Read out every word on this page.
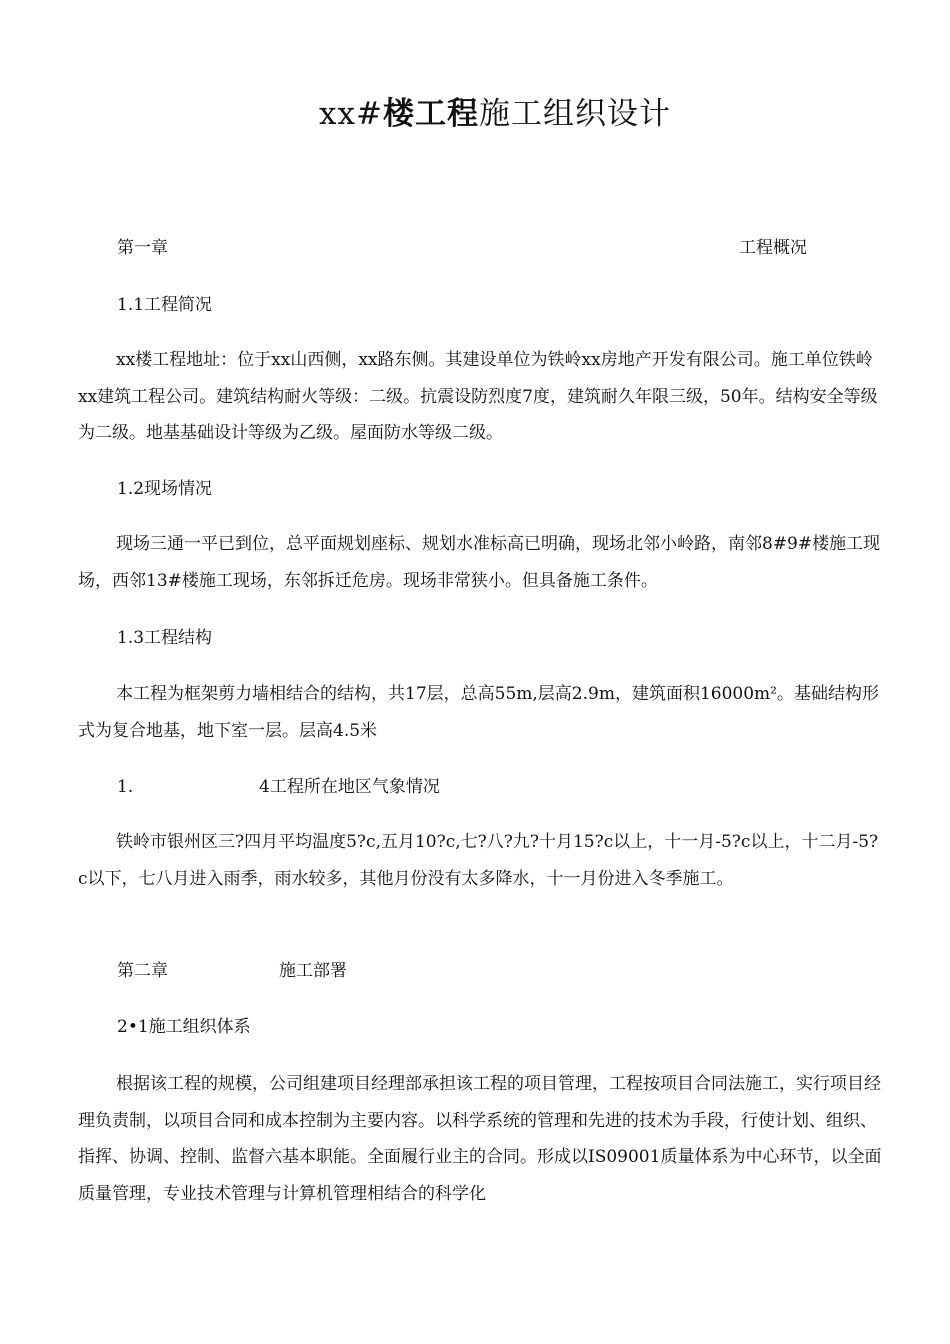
xx#楼工程施工组织设计
第一章	工程概况
1.1工程简况
xx楼工程地址：位于xx山西侧，xx路东侧。其建设单位为铁岭xx房地产开发有限公司。施工单位铁岭xx建筑工程公司。建筑结构耐火等级：二级。抗震设防烈度7度，建筑耐久年限三级，50年。结构安全等级为二级。地基基础设计等级为乙级。屋面防水等级二级。
1.2现场情况
现场三通一平已到位，总平面规划座标、规划水准标高已明确，现场北邻小岭路，南邻8#9#楼施工现场，西邻13#楼施工现场，东邻拆迁危房。现场非常狭小。但具备施工条件。
1.3工程结构
本工程为框架剪力墙相结合的结构，共17层，总高55m,层高2.9m，建筑面积16000m²。基础结构形式为复合地基，地下室一层。层高4.5米
1.	4工程所在地区气象情况
铁岭市银州区三?四月平均温度5?c,五月10?c,七?八?九?十月15?c以上，十一月-5?c以上，十二月-5?c以下，七八月进入雨季，雨水较多，其他月份没有太多降水，十一月份进入冬季施工。
第二章	施工部署
2•1施工组织体系
根据该工程的规模，公司组建项目经理部承担该工程的项目管理，工程按项目合同法施工，实行项目经理负责制，以项目合同和成本控制为主要内容。以科学系统的管理和先进的技术为手段，行使计划、组织、指挥、协调、控制、监督六基本职能。全面履行业主的合同。形成以IS09001质量体系为中心环节，以全面质量管理，专业技术管理与计算机管理相结合的科学化
